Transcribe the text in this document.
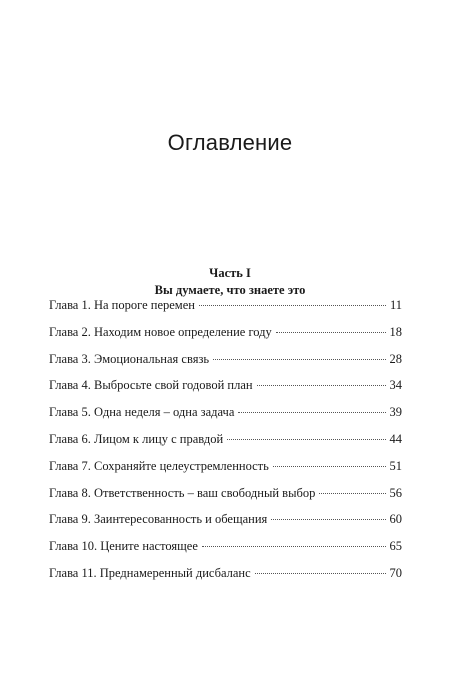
Оглавление
Часть I
Вы думаете, что знаете это
Глава 1. На пороге перемен	11
Глава 2. Находим новое определение году	18
Глава 3. Эмоциональная связь	28
Глава 4. Выбросьте свой годовой план	34
Глава 5. Одна неделя – одна задача	39
Глава 6. Лицом к лицу с правдой	44
Глава 7. Сохраняйте целеустремленность	51
Глава 8. Ответственность – ваш свободный выбор	56
Глава 9. Заинтересованность и обещания	60
Глава 10. Цените настоящее	65
Глава 11. Преднамеренный дисбаланс	70
